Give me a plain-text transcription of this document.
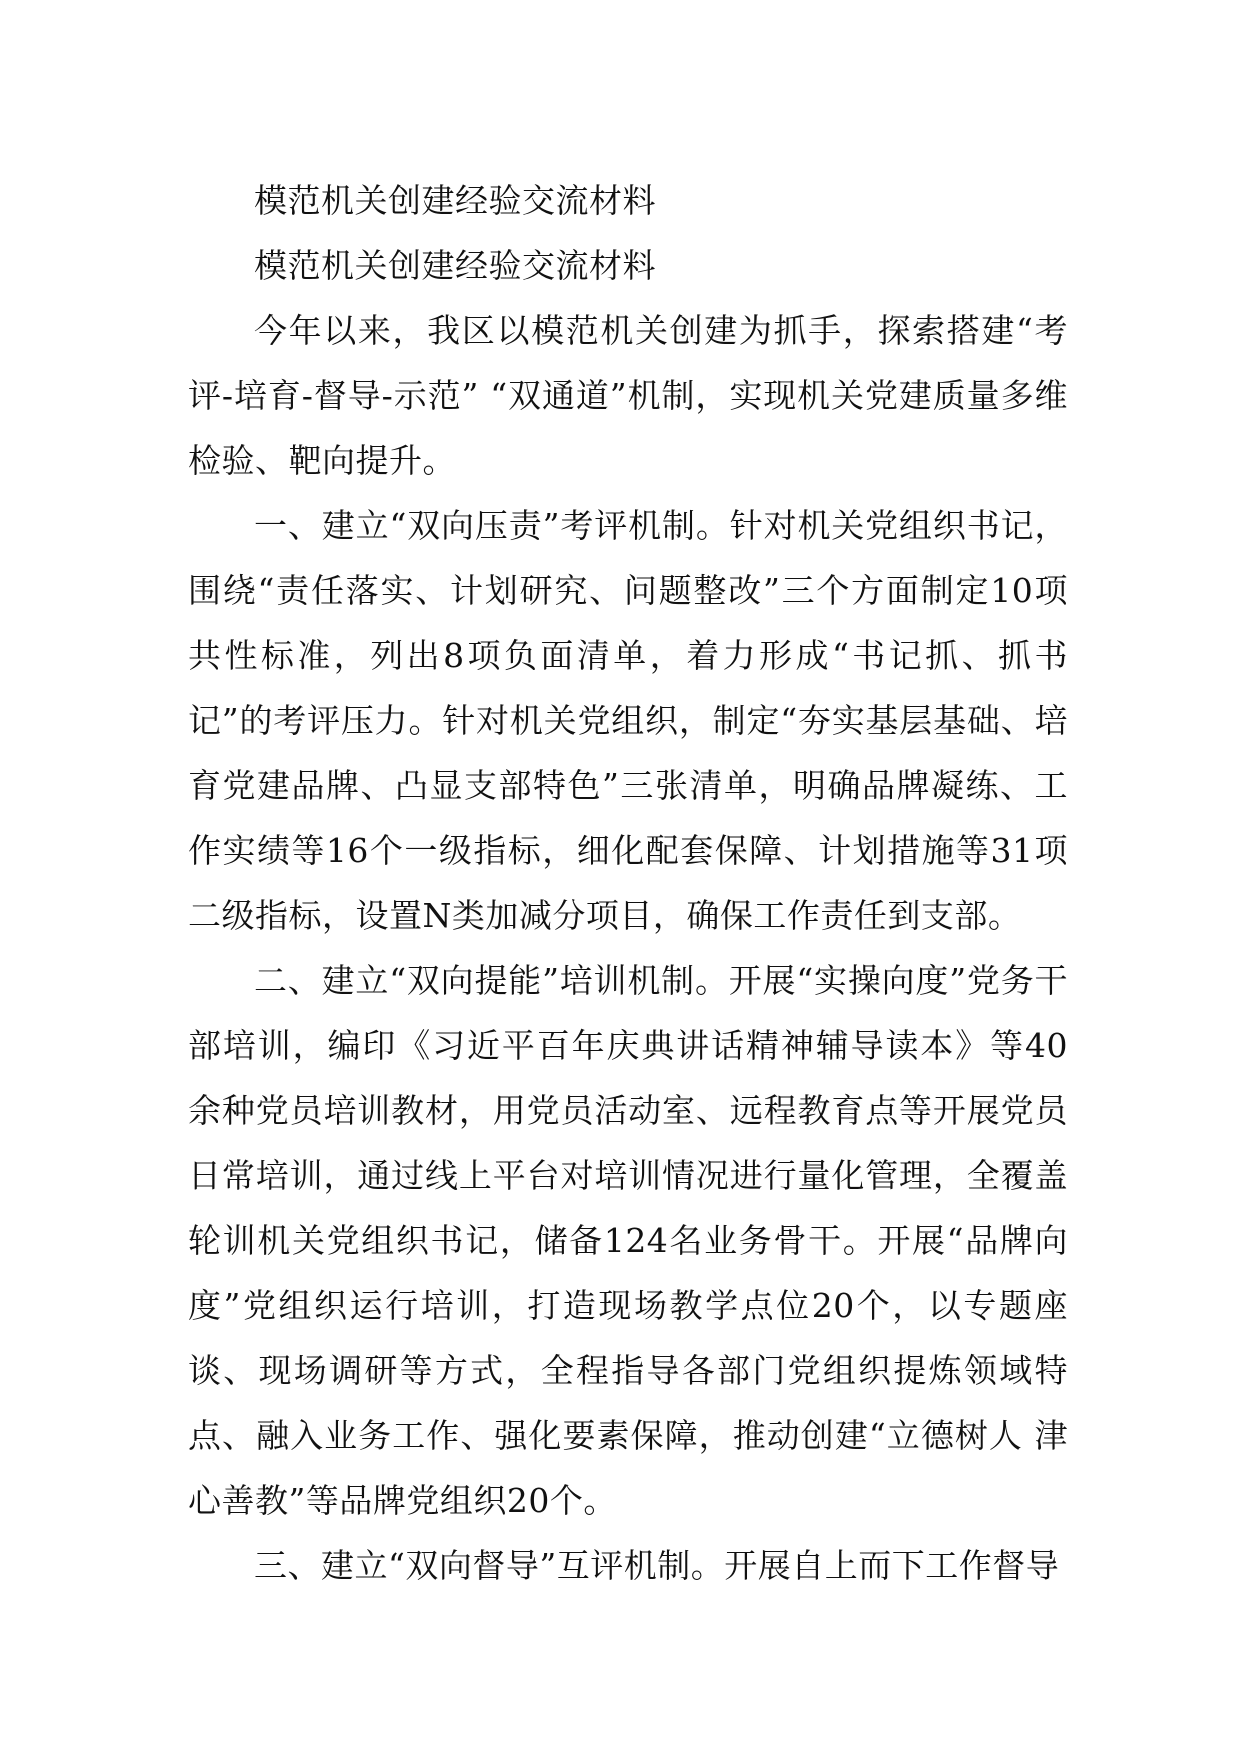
模范机关创建经验交流材料

模范机关创建经验交流材料

今年以来，我区以模范机关创建为抓手，探索搭建“考评-培育-督导-示范” “双通道”机制，实现机关党建质量多维检验、靶向提升。

一、建立“双向压责”考评机制。针对机关党组织书记，围绕“责任落实、计划研究、问题整改”三个方面制定10项共性标准，列出8项负面清单，着力形成“书记抓、抓书记”的考评压力。针对机关党组织，制定“夯实基层基础、培育党建品牌、凸显支部特色”三张清单，明确品牌凝练、工作实绩等16个一级指标，细化配套保障、计划措施等31项二级指标，设置N类加减分项目，确保工作责任到支部。

二、建立“双向提能”培训机制。开展“实操向度”党务干部培训，编印《习近平百年庆典讲话精神辅导读本》等40余种党员培训教材，用党员活动室、远程教育点等开展党员日常培训，通过线上平台对培训情况进行量化管理，全覆盖轮训机关党组织书记，储备124名业务骨干。开展“品牌向度”党组织运行培训，打造现场教学点位20个，以专题座谈、现场调研等方式，全程指导各部门党组织提炼领域特点、融入业务工作、强化要素保障，推动创建“立德树人 津心善教”等品牌党组织20个。

三、建立“双向督导”互评机制。开展自上而下工作督导
